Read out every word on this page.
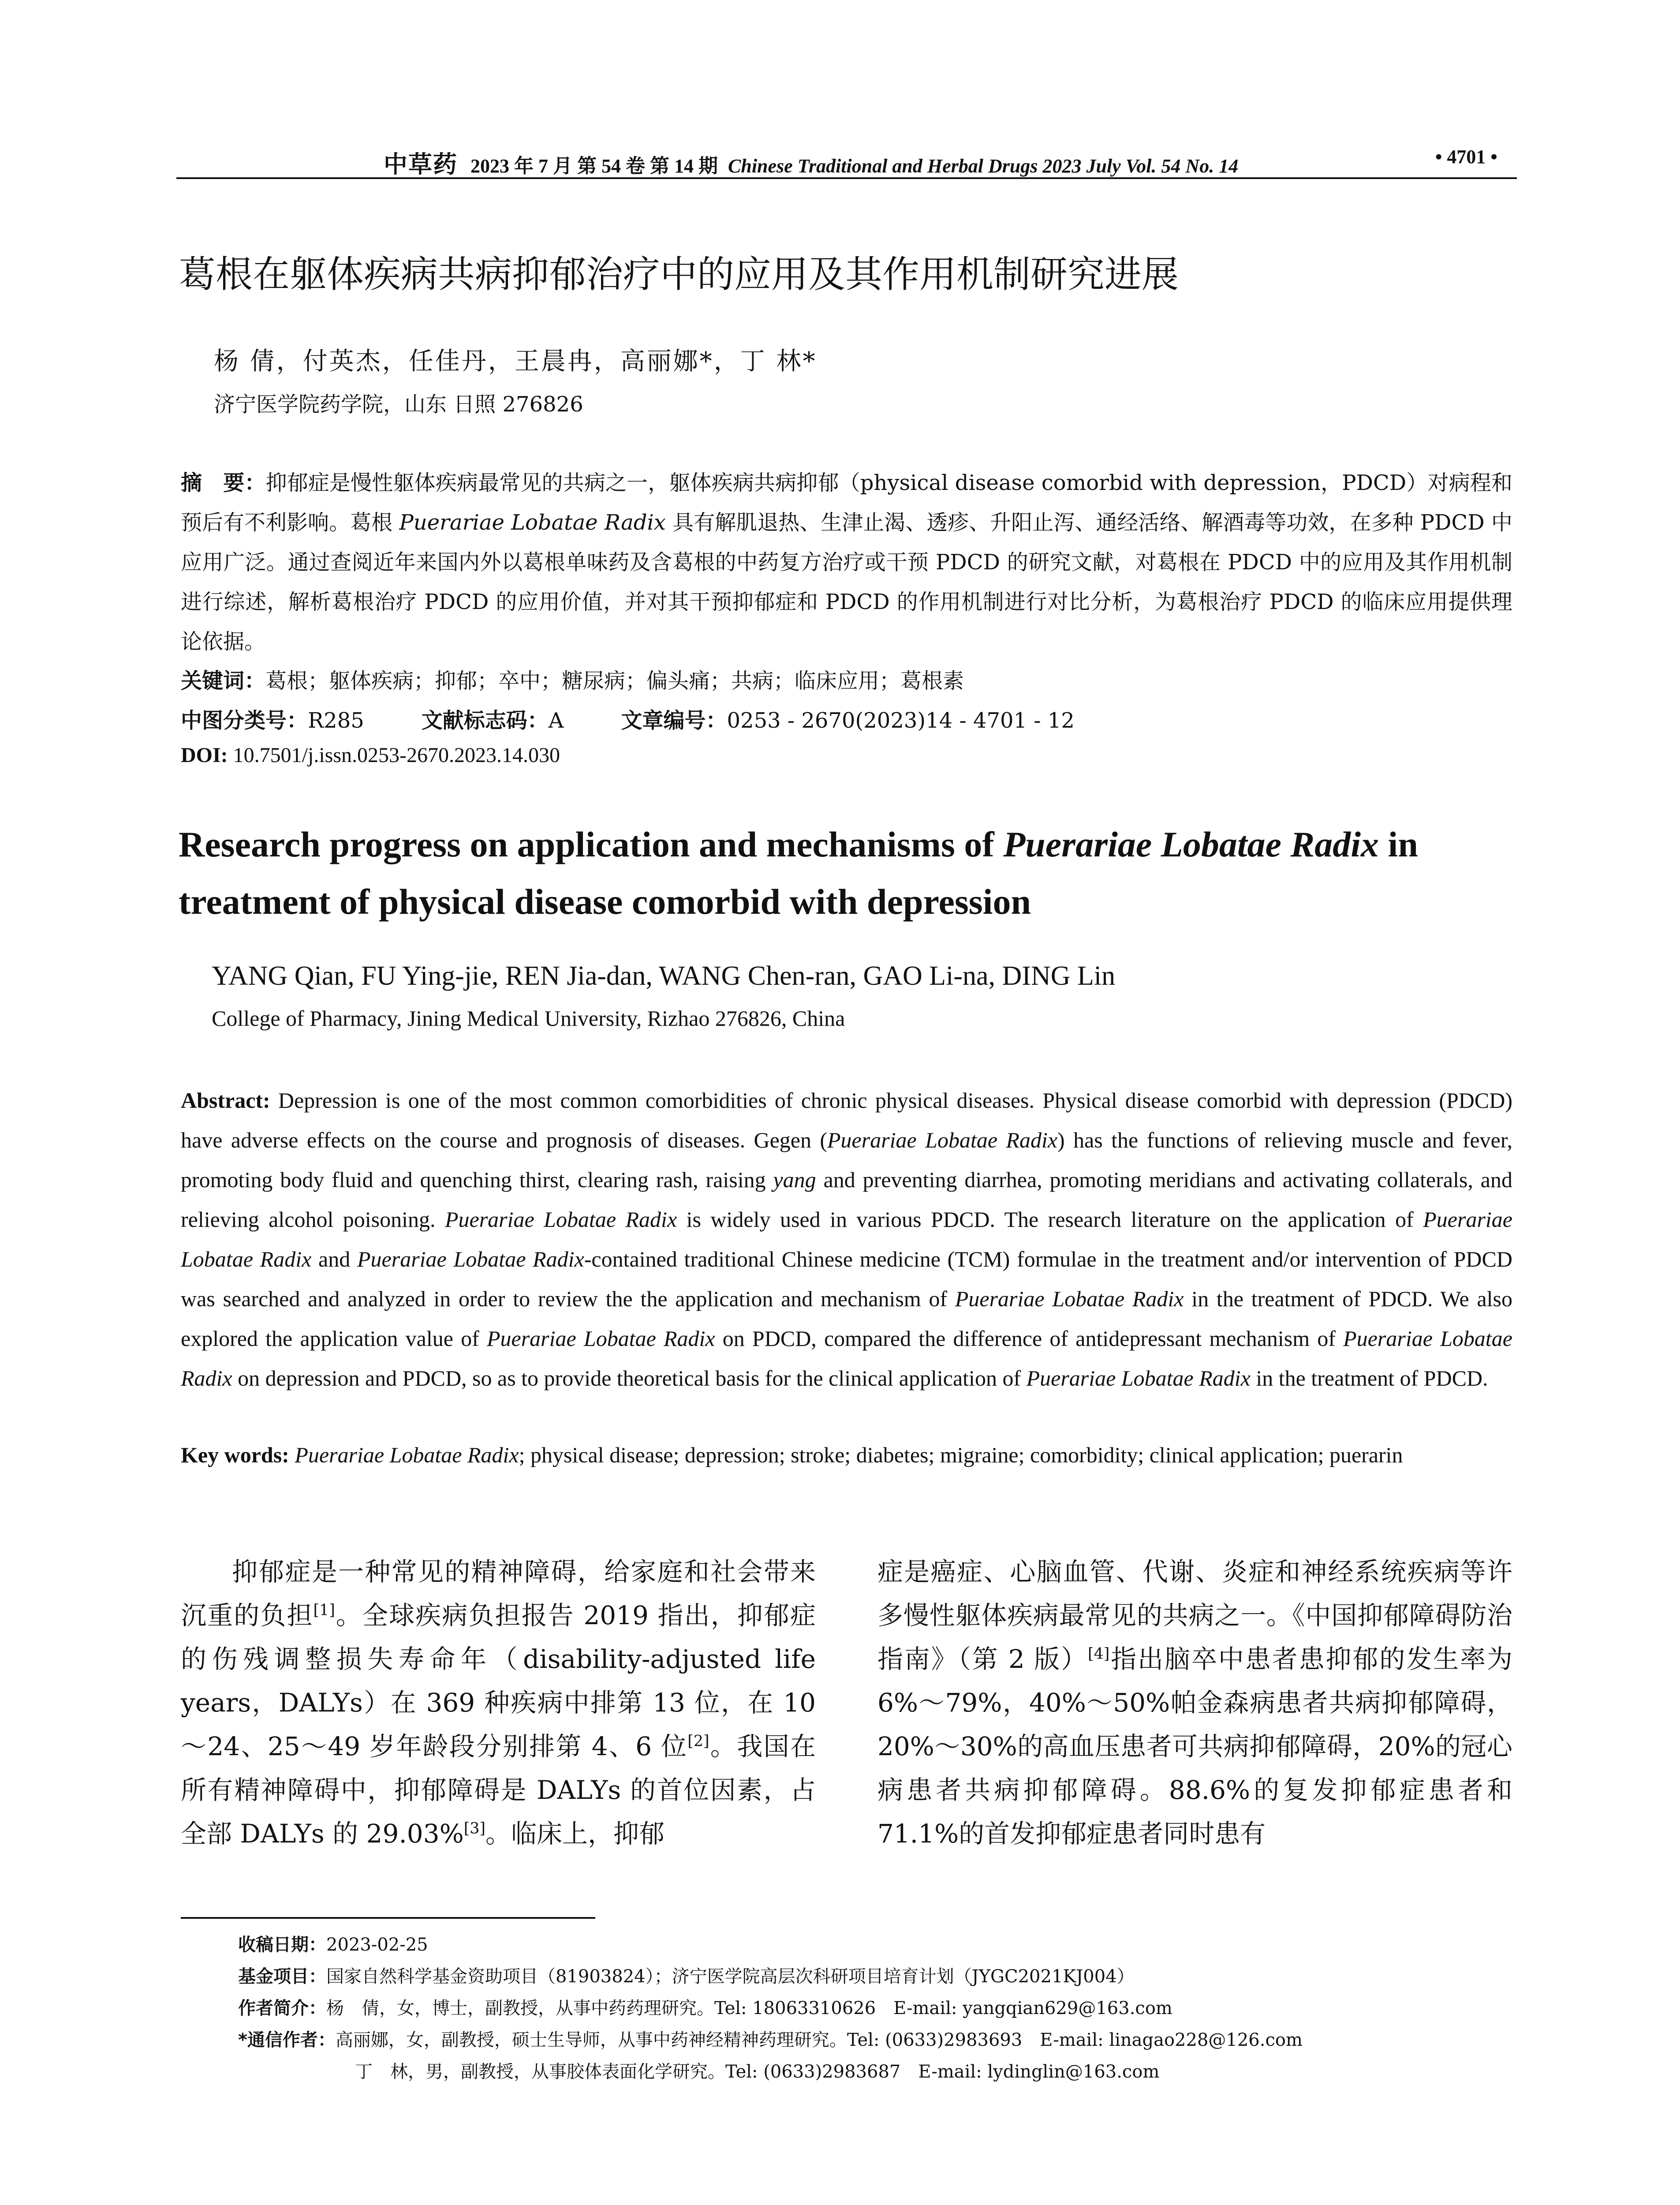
中草药 2023 年 7 月 第 54 卷 第 14 期 Chinese Traditional and Herbal Drugs 2023 July Vol. 54 No. 14	• 4701 •
葛根在躯体疾病共病抑郁治疗中的应用及其作用机制研究进展
杨 倩，付英杰，任佳丹，王晨冉，高丽娜*，丁 林*
济宁医学院药学院，山东 日照 276826
摘　要：抑郁症是慢性躯体疾病最常见的共病之一，躯体疾病共病抑郁（physical disease comorbid with depression，PDCD）对病程和预后有不利影响。葛根 Puerariae Lobatae Radix 具有解肌退热、生津止渴、透疹、升阳止泻、通经活络、解酒毒等功效，在多种 PDCD 中应用广泛。通过查阅近年来国内外以葛根单味药及含葛根的中药复方治疗或干预 PDCD 的研究文献，对葛根在 PDCD 中的应用及其作用机制进行综述，解析葛根治疗 PDCD 的应用价值，并对其干预抑郁症和 PDCD 的作用机制进行对比分析，为葛根治疗 PDCD 的临床应用提供理论依据。
关键词：葛根；躯体疾病；抑郁；卒中；糖尿病；偏头痛；共病；临床应用；葛根素
中图分类号：R285	文献标志码：A	文章编号：0253 - 2670(2023)14 - 4701 - 12
DOI: 10.7501/j.issn.0253-2670.2023.14.030
Research progress on application and mechanisms of Puerariae Lobatae Radix in treatment of physical disease comorbid with depression
YANG Qian, FU Ying-jie, REN Jia-dan, WANG Chen-ran, GAO Li-na, DING Lin
College of Pharmacy, Jining Medical University, Rizhao 276826, China
Abstract: Depression is one of the most common comorbidities of chronic physical diseases. Physical disease comorbid with depression (PDCD) have adverse effects on the course and prognosis of diseases. Gegen (Puerariae Lobatae Radix) has the functions of relieving muscle and fever, promoting body fluid and quenching thirst, clearing rash, raising yang and preventing diarrhea, promoting meridians and activating collaterals, and relieving alcohol poisoning. Puerariae Lobatae Radix is widely used in various PDCD. The research literature on the application of Puerariae Lobatae Radix and Puerariae Lobatae Radix-contained traditional Chinese medicine (TCM) formulae in the treatment and/or intervention of PDCD was searched and analyzed in order to review the the application and mechanism of Puerariae Lobatae Radix in the treatment of PDCD. We also explored the application value of Puerariae Lobatae Radix on PDCD, compared the difference of antidepressant mechanism of Puerariae Lobatae Radix on depression and PDCD, so as to provide theoretical basis for the clinical application of Puerariae Lobatae Radix in the treatment of PDCD.
Key words: Puerariae Lobatae Radix; physical disease; depression; stroke; diabetes; migraine; comorbidity; clinical application; puerarin
抑郁症是一种常见的精神障碍，给家庭和社会带来沉重的负担[1]。全球疾病负担报告 2019 指出，抑郁症的伤残调整损失寿命年（disability-adjusted life years，DALYs）在 369 种疾病中排第 13 位，在 10～24、25～49 岁年龄段分别排第 4、6 位[2]。我国在所有精神障碍中，抑郁障碍是 DALYs 的首位因素，占全部 DALYs 的 29.03%[3]。临床上，抑郁
症是癌症、心脑血管、代谢、炎症和神经系统疾病等许多慢性躯体疾病最常见的共病之一。《中国抑郁障碍防治指南》（第 2 版）[4]指出脑卒中患者患抑郁的发生率为 6%～79%，40%～50%帕金森病患者共病抑郁障碍，20%～30%的高血压患者可共病抑郁障碍，20%的冠心病患者共病抑郁障碍。88.6%的复发抑郁症患者和 71.1%的首发抑郁症患者同时患有
收稿日期：2023-02-25
基金项目：国家自然科学基金资助项目（81903824）；济宁医学院高层次科研项目培育计划（JYGC2021KJ004）
作者简介：杨　倩，女，博士，副教授，从事中药药理研究。Tel: 18063310626　E-mail: yangqian629@163.com
*通信作者：高丽娜，女，副教授，硕士生导师，从事中药神经精神药理研究。Tel: (0633)2983693　E-mail: linagao228@126.com
丁　林，男，副教授，从事胶体表面化学研究。Tel: (0633)2983687　E-mail: lydinglin@163.com
